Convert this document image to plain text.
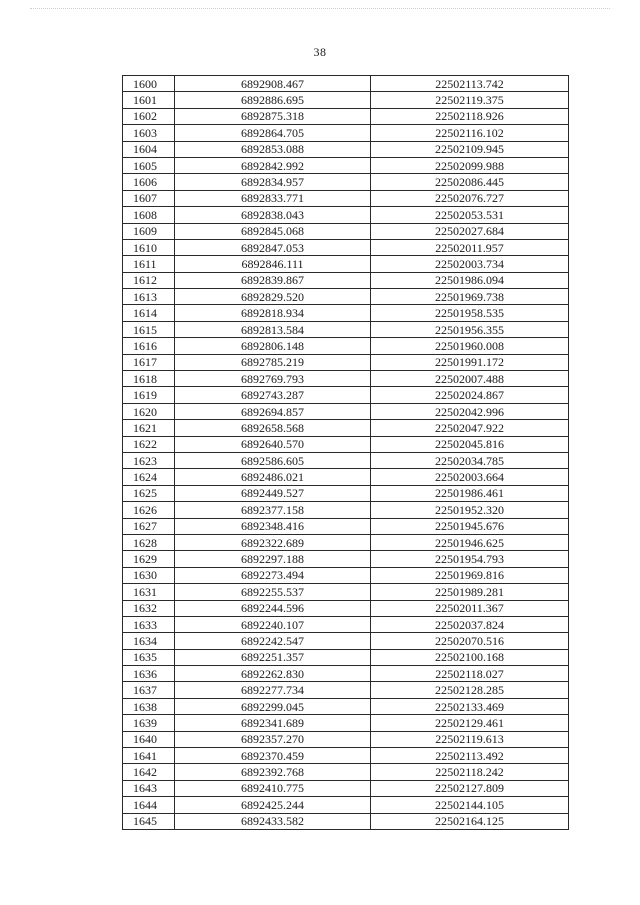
38
1600	6892908.467	22502113.742
1601	6892886.695	22502119.375
1602	6892875.318	22502118.926
1603	6892864.705	22502116.102
1604	6892853.088	22502109.945
1605	6892842.992	22502099.988
1606	6892834.957	22502086.445
1607	6892833.771	22502076.727
1608	6892838.043	22502053.531
1609	6892845.068	22502027.684
1610	6892847.053	22502011.957
1611	6892846.111	22502003.734
1612	6892839.867	22501986.094
1613	6892829.520	22501969.738
1614	6892818.934	22501958.535
1615	6892813.584	22501956.355
1616	6892806.148	22501960.008
1617	6892785.219	22501991.172
1618	6892769.793	22502007.488
1619	6892743.287	22502024.867
1620	6892694.857	22502042.996
1621	6892658.568	22502047.922
1622	6892640.570	22502045.816
1623	6892586.605	22502034.785
1624	6892486.021	22502003.664
1625	6892449.527	22501986.461
1626	6892377.158	22501952.320
1627	6892348.416	22501945.676
1628	6892322.689	22501946.625
1629	6892297.188	22501954.793
1630	6892273.494	22501969.816
1631	6892255.537	22501989.281
1632	6892244.596	22502011.367
1633	6892240.107	22502037.824
1634	6892242.547	22502070.516
1635	6892251.357	22502100.168
1636	6892262.830	22502118.027
1637	6892277.734	22502128.285
1638	6892299.045	22502133.469
1639	6892341.689	22502129.461
1640	6892357.270	22502119.613
1641	6892370.459	22502113.492
1642	6892392.768	22502118.242
1643	6892410.775	22502127.809
1644	6892425.244	22502144.105
1645	6892433.582	22502164.125
